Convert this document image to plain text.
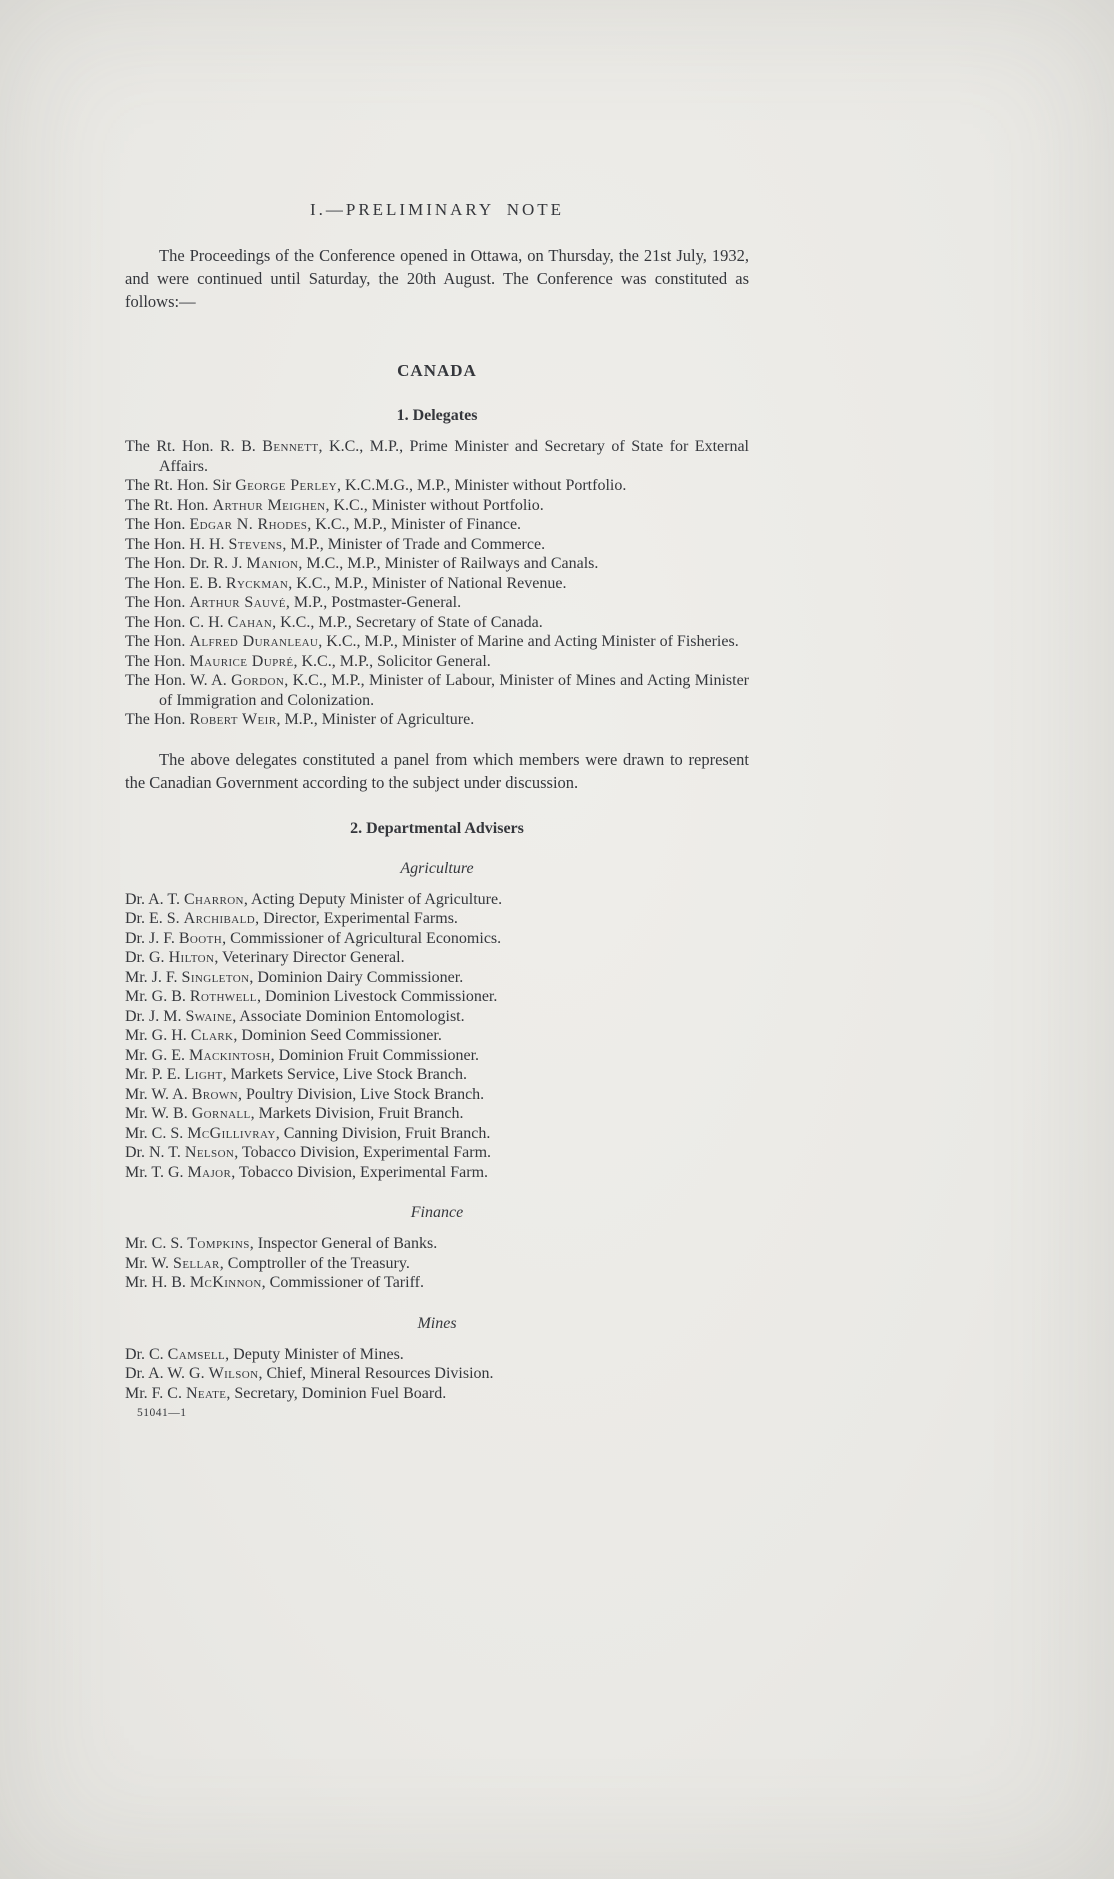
I.—PRELIMINARY NOTE

The Proceedings of the Conference opened in Ottawa, on Thursday, the 21st July, 1932, and were continued until Saturday, the 20th August. The Conference was constituted as follows:—

CANADA
1. Delegates

The Rt. Hon. R. B. Bennett, K.C., M.P., Prime Minister and Secretary of State for External Affairs.

The Rt. Hon. Sir George Perley, K.C.M.G., M.P., Minister without Portfolio.

The Rt. Hon. Arthur Meighen, K.C., Minister without Portfolio.

The Hon. Edgar N. Rhodes, K.C., M.P., Minister of Finance.

The Hon. H. H. Stevens, M.P., Minister of Trade and Commerce.

The Hon. Dr. R. J. Manion, M.C., M.P., Minister of Railways and Canals.

The Hon. E. B. Ryckman, K.C., M.P., Minister of National Revenue.

The Hon. Arthur Sauvé, M.P., Postmaster-General.

The Hon. C. H. Cahan, K.C., M.P., Secretary of State of Canada.

The Hon. Alfred Duranleau, K.C., M.P., Minister of Marine and Acting Minister of Fisheries.

The Hon. Maurice Dupré, K.C., M.P., Solicitor General.

The Hon. W. A. Gordon, K.C., M.P., Minister of Labour, Minister of Mines and Acting Minister of Immigration and Colonization.

The Hon. Robert Weir, M.P., Minister of Agriculture.

The above delegates constituted a panel from which members were drawn to represent the Canadian Government according to the subject under discussion.

2. Departmental Advisers
Agriculture

Dr. A. T. Charron, Acting Deputy Minister of Agriculture.

Dr. E. S. Archibald, Director, Experimental Farms.

Dr. J. F. Booth, Commissioner of Agricultural Economics.

Dr. G. Hilton, Veterinary Director General.

Mr. J. F. Singleton, Dominion Dairy Commissioner.

Mr. G. B. Rothwell, Dominion Livestock Commissioner.

Dr. J. M. Swaine, Associate Dominion Entomologist.

Mr. G. H. Clark, Dominion Seed Commissioner.

Mr. G. E. Mackintosh, Dominion Fruit Commissioner.

Mr. P. E. Light, Markets Service, Live Stock Branch.

Mr. W. A. Brown, Poultry Division, Live Stock Branch.

Mr. W. B. Gornall, Markets Division, Fruit Branch.

Mr. C. S. McGillivray, Canning Division, Fruit Branch.

Dr. N. T. Nelson, Tobacco Division, Experimental Farm.

Mr. T. G. Major, Tobacco Division, Experimental Farm.

Finance

Mr. C. S. Tompkins, Inspector General of Banks.

Mr. W. Sellar, Comptroller of the Treasury.

Mr. H. B. McKinnon, Commissioner of Tariff.

Mines

Dr. C. Camsell, Deputy Minister of Mines.

Dr. A. W. G. Wilson, Chief, Mineral Resources Division.

Mr. F. C. Neate, Secretary, Dominion Fuel Board.

51041—1
